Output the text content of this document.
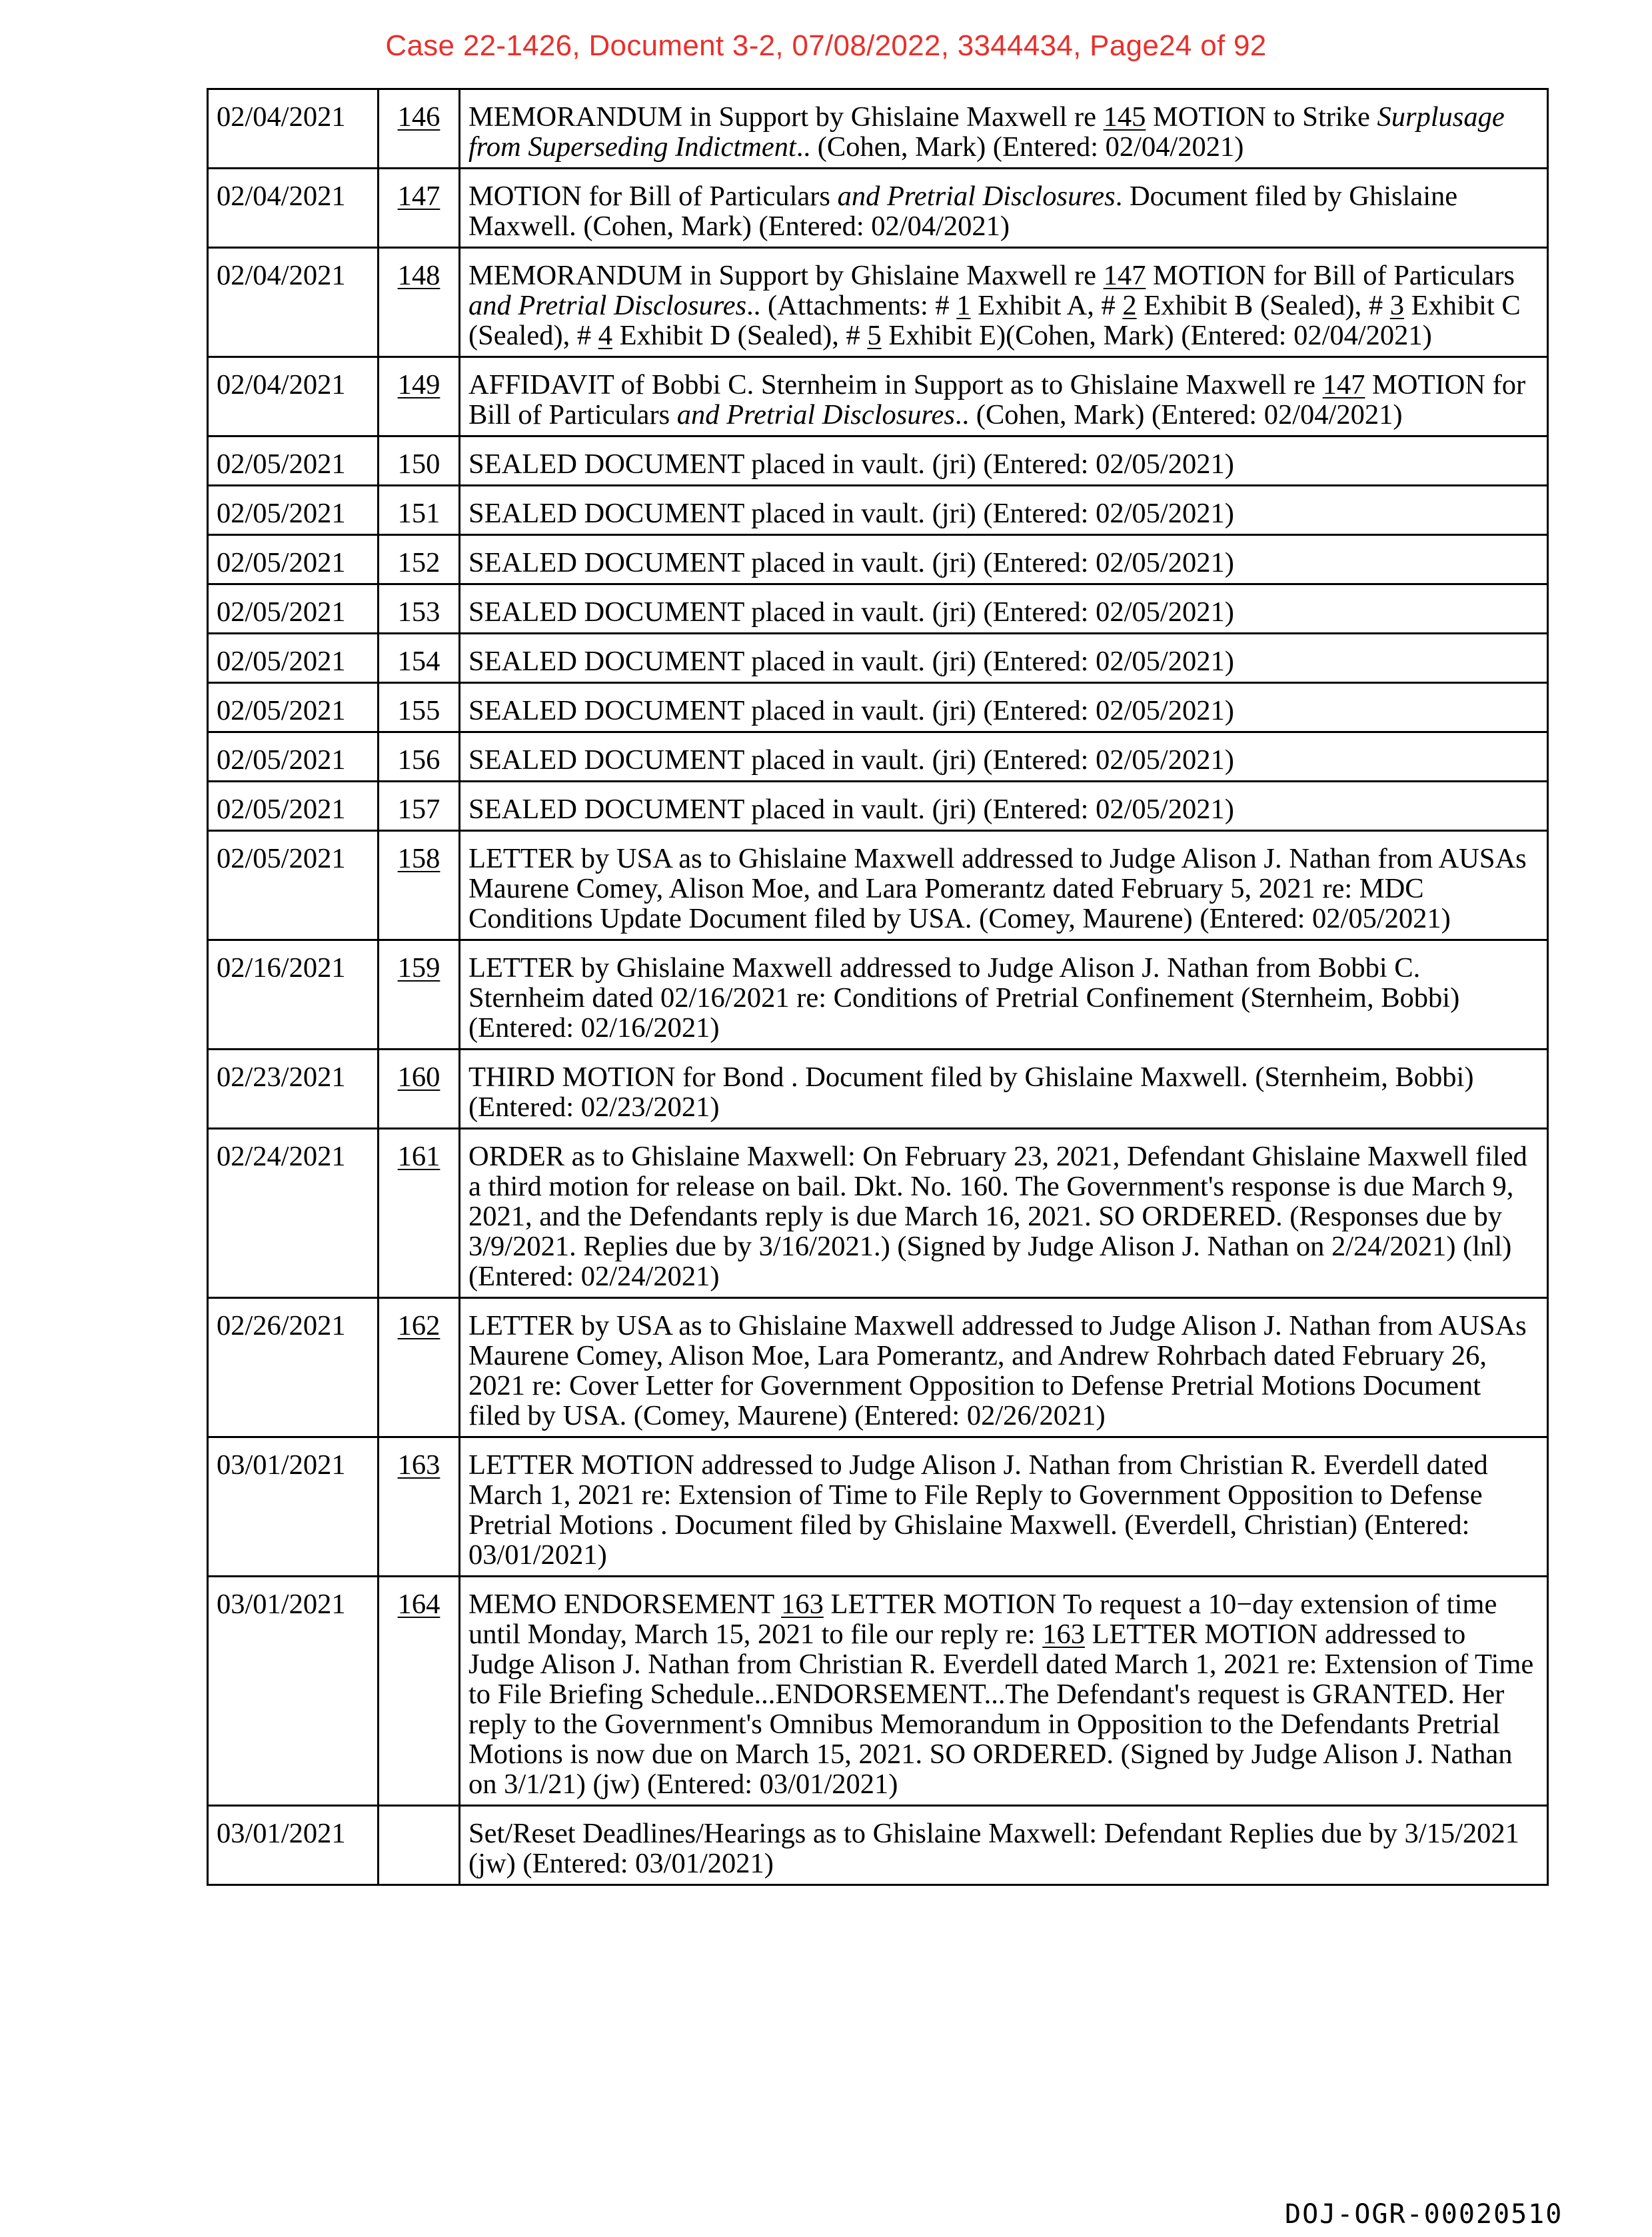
Case 22-1426, Document 3-2, 07/08/2022, 3344434, Page24 of 92
02/04/2021	146	MEMORANDUM in Support by Ghislaine Maxwell re 145 MOTION to Strike Surplusage from Superseding Indictment.. (Cohen, Mark) (Entered: 02/04/2021)
02/04/2021	147	MOTION for Bill of Particulars and Pretrial Disclosures. Document filed by Ghislaine Maxwell. (Cohen, Mark) (Entered: 02/04/2021)
02/04/2021	148	MEMORANDUM in Support by Ghislaine Maxwell re 147 MOTION for Bill of Particulars and Pretrial Disclosures.. (Attachments: # 1 Exhibit A, # 2 Exhibit B (Sealed), # 3 Exhibit C (Sealed), # 4 Exhibit D (Sealed), # 5 Exhibit E)(Cohen, Mark) (Entered: 02/04/2021)
02/04/2021	149	AFFIDAVIT of Bobbi C. Sternheim in Support as to Ghislaine Maxwell re 147 MOTION for Bill of Particulars and Pretrial Disclosures.. (Cohen, Mark) (Entered: 02/04/2021)
02/05/2021	150	SEALED DOCUMENT placed in vault. (jri) (Entered: 02/05/2021)
02/05/2021	151	SEALED DOCUMENT placed in vault. (jri) (Entered: 02/05/2021)
02/05/2021	152	SEALED DOCUMENT placed in vault. (jri) (Entered: 02/05/2021)
02/05/2021	153	SEALED DOCUMENT placed in vault. (jri) (Entered: 02/05/2021)
02/05/2021	154	SEALED DOCUMENT placed in vault. (jri) (Entered: 02/05/2021)
02/05/2021	155	SEALED DOCUMENT placed in vault. (jri) (Entered: 02/05/2021)
02/05/2021	156	SEALED DOCUMENT placed in vault. (jri) (Entered: 02/05/2021)
02/05/2021	157	SEALED DOCUMENT placed in vault. (jri) (Entered: 02/05/2021)
02/05/2021	158	LETTER by USA as to Ghislaine Maxwell addressed to Judge Alison J. Nathan from AUSAs Maurene Comey, Alison Moe, and Lara Pomerantz dated February 5, 2021 re: MDC Conditions Update Document filed by USA. (Comey, Maurene) (Entered: 02/05/2021)
02/16/2021	159	LETTER by Ghislaine Maxwell addressed to Judge Alison J. Nathan from Bobbi C. Sternheim dated 02/16/2021 re: Conditions of Pretrial Confinement (Sternheim, Bobbi) (Entered: 02/16/2021)
02/23/2021	160	THIRD MOTION for Bond . Document filed by Ghislaine Maxwell. (Sternheim, Bobbi) (Entered: 02/23/2021)
02/24/2021	161	ORDER as to Ghislaine Maxwell: On February 23, 2021, Defendant Ghislaine Maxwell filed a third motion for release on bail. Dkt. No. 160. The Government's response is due March 9, 2021, and the Defendants reply is due March 16, 2021. SO ORDERED. (Responses due by 3/9/2021. Replies due by 3/16/2021.) (Signed by Judge Alison J. Nathan on 2/24/2021) (lnl) (Entered: 02/24/2021)
02/26/2021	162	LETTER by USA as to Ghislaine Maxwell addressed to Judge Alison J. Nathan from AUSAs Maurene Comey, Alison Moe, Lara Pomerantz, and Andrew Rohrbach dated February 26, 2021 re: Cover Letter for Government Opposition to Defense Pretrial Motions Document filed by USA. (Comey, Maurene) (Entered: 02/26/2021)
03/01/2021	163	LETTER MOTION addressed to Judge Alison J. Nathan from Christian R. Everdell dated March 1, 2021 re: Extension of Time to File Reply to Government Opposition to Defense Pretrial Motions . Document filed by Ghislaine Maxwell. (Everdell, Christian) (Entered: 03/01/2021)
03/01/2021	164	MEMO ENDORSEMENT 163 LETTER MOTION To request a 10−day extension of time until Monday, March 15, 2021 to file our reply re: 163 LETTER MOTION addressed to Judge Alison J. Nathan from Christian R. Everdell dated March 1, 2021 re: Extension of Time to File Briefing Schedule...ENDORSEMENT...The Defendant's request is GRANTED. Her reply to the Government's Omnibus Memorandum in Opposition to the Defendants Pretrial Motions is now due on March 15, 2021. SO ORDERED. (Signed by Judge Alison J. Nathan on 3/1/21) (jw) (Entered: 03/01/2021)
03/01/2021		Set/Reset Deadlines/Hearings as to Ghislaine Maxwell: Defendant Replies due by 3/15/2021 (jw) (Entered: 03/01/2021)
DOJ-OGR-00020510
